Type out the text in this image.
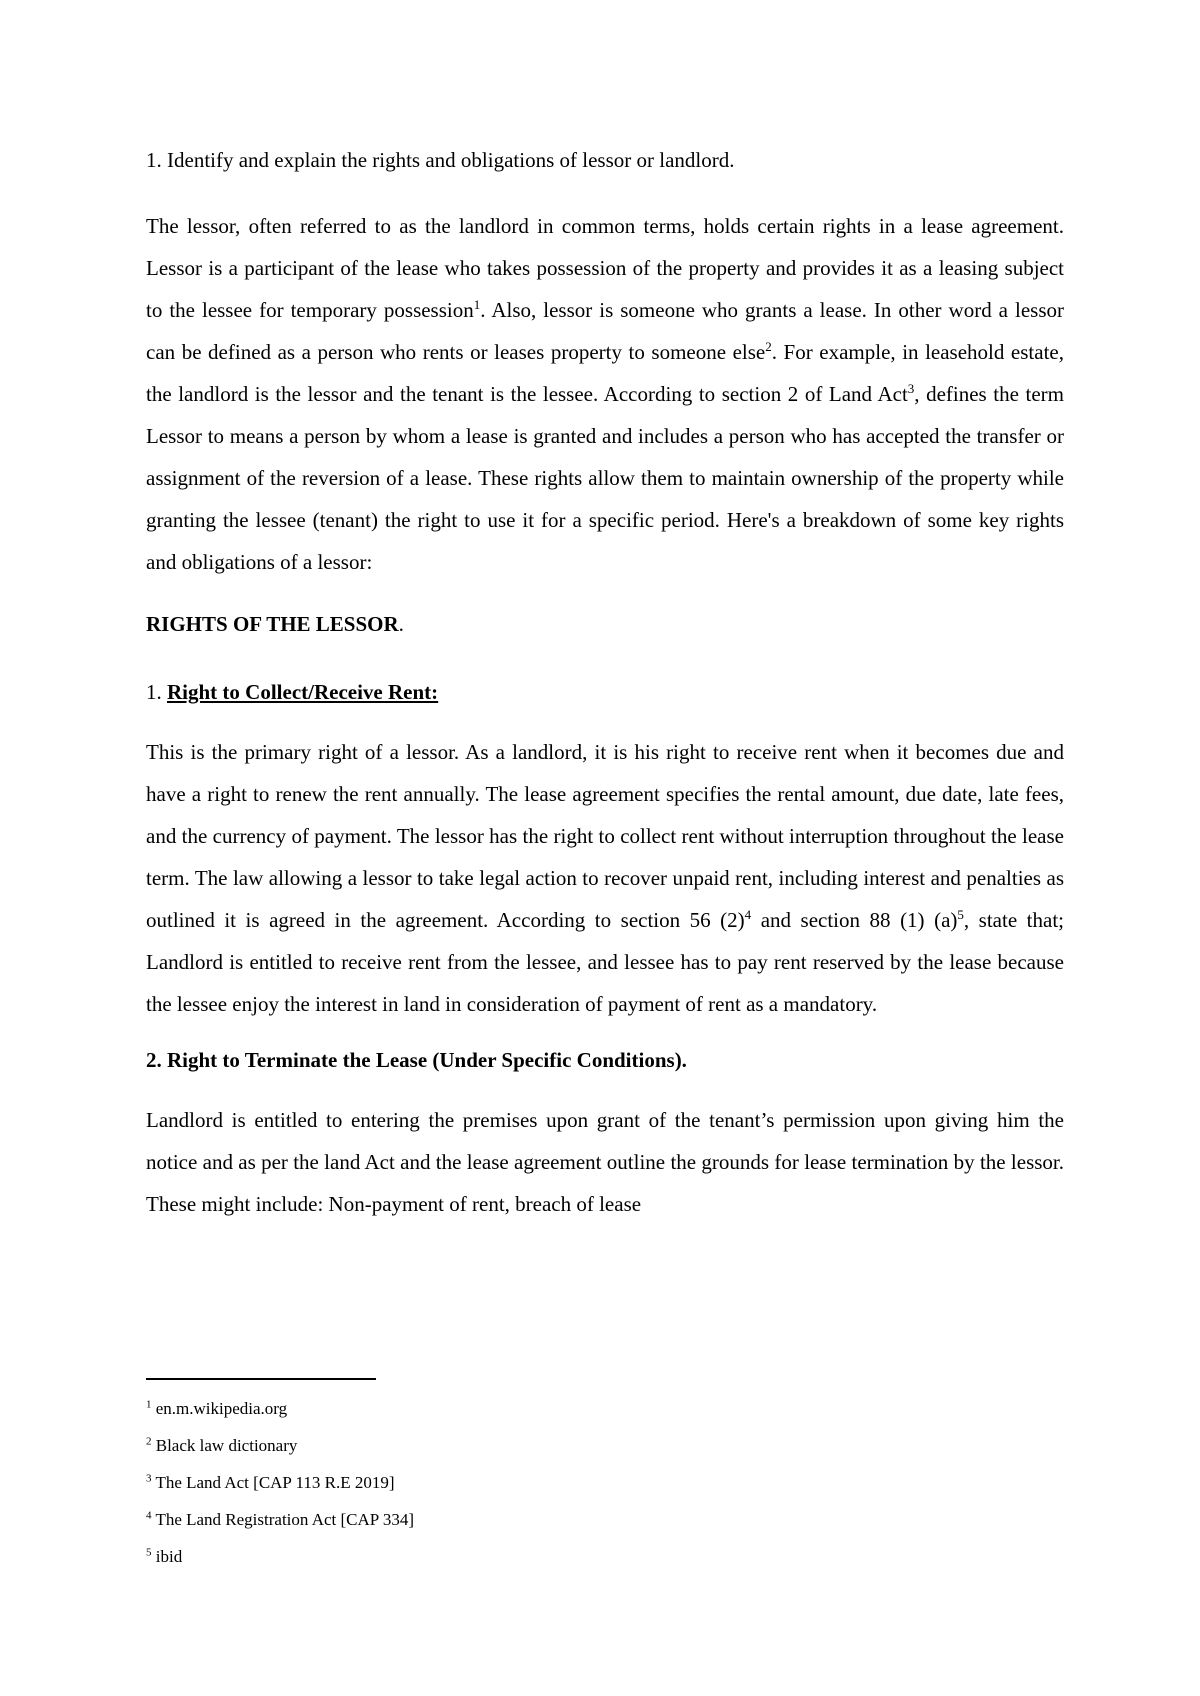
1. Identify and explain the rights and obligations of lessor or landlord.

The lessor, often referred to as the landlord in common terms, holds certain rights in a lease agreement. Lessor is a participant of the lease who takes possession of the property and provides it as a leasing subject to the lessee for temporary possession$^1$. Also, lessor is someone who grants a lease. In other word a lessor can be defined as a person who rents or leases property to someone else$^2$. For example, in leasehold estate, the landlord is the lessor and the tenant is the lessee. According to section 2 of Land Act$^3$, defines the term Lessor to means a person by whom a lease is granted and includes a person who has accepted the transfer or assignment of the reversion of a lease. These rights allow them to maintain ownership of the property while granting the lessee (tenant) the right to use it for a specific period. Here's a breakdown of some key rights and obligations of a lessor:

RIGHTS OF THE LESSOR.

1. Right to Collect/Receive Rent:

This is the primary right of a lessor. As a landlord, it is his right to receive rent when it becomes due and have a right to renew the rent annually. The lease agreement specifies the rental amount, due date, late fees, and the currency of payment. The lessor has the right to collect rent without interruption throughout the lease term. The law allowing a lessor to take legal action to recover unpaid rent, including interest and penalties as outlined it is agreed in the agreement. According to section 56 $(2)^4$ and section 88 (1) $(a)^5$, state that; Landlord is entitled to receive rent from the lessee, and lessee has to pay rent reserved by the lease because the lessee enjoy the interest in land in consideration of payment of rent as a mandatory.

2. Right to Terminate the Lease (Under Specific Conditions).

Landlord is entitled to entering the premises upon grant of the tenant’s permission upon giving him the notice and as per the land Act and the lease agreement outline the grounds for lease termination by the lessor. These might include: Non-payment of rent, breach of lease

$^1$ en.m.wikipedia.org

$^2$ Black law dictionary

$^3$ The Land Act [CAP 113 R.E 2019]

$^4$ The Land Registration Act [CAP 334]

$^5$ ibid
